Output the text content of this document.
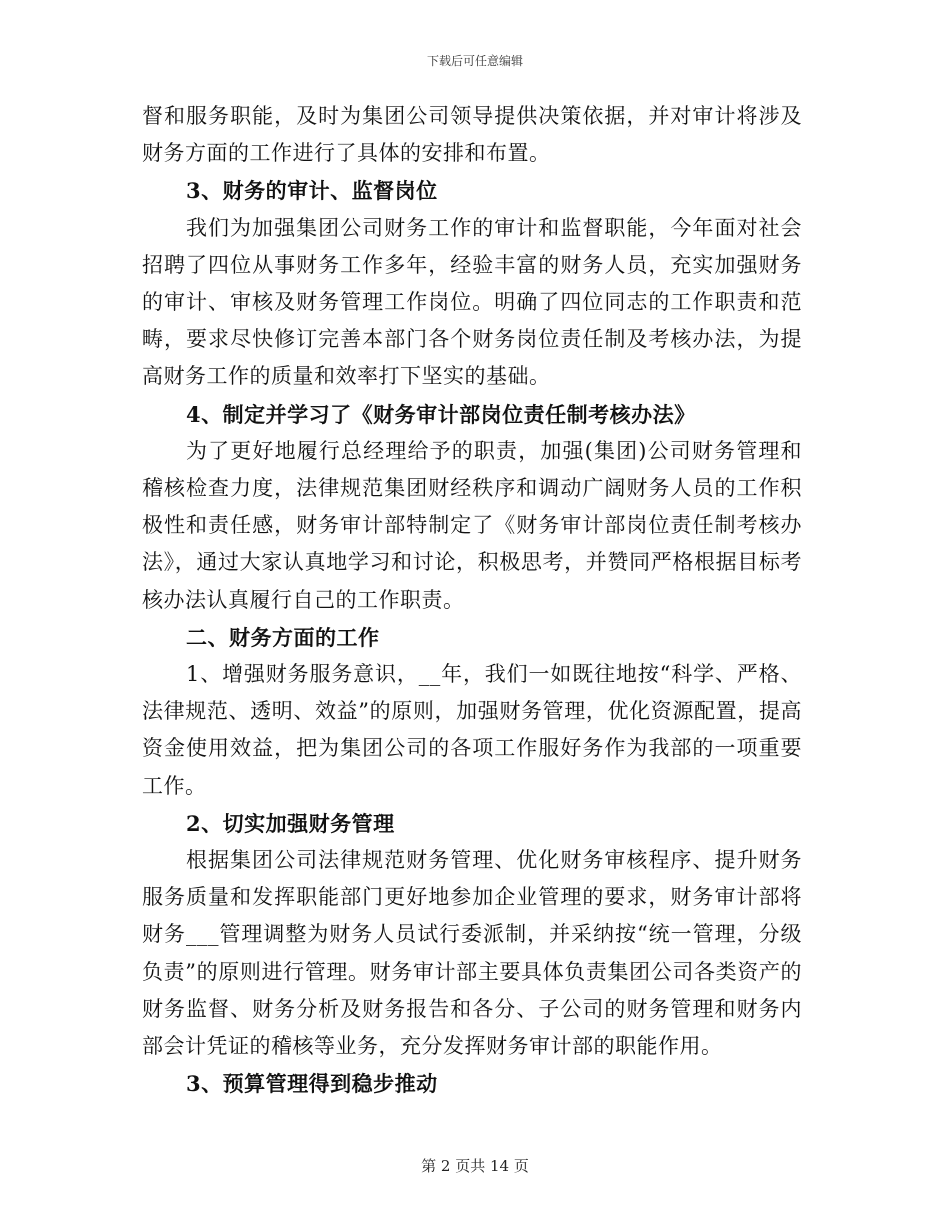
下载后可任意编辑

督和服务职能，及时为集团公司领导提供决策依据，并对审计将涉及财务方面的工作进行了具体的安排和布置。

3、财务的审计、监督岗位

我们为加强集团公司财务工作的审计和监督职能，今年面对社会招聘了四位从事财务工作多年，经验丰富的财务人员，充实加强财务的审计、审核及财务管理工作岗位。明确了四位同志的工作职责和范畴，要求尽快修订完善本部门各个财务岗位责任制及考核办法，为提高财务工作的质量和效率打下坚实的基础。

4、制定并学习了《财务审计部岗位责任制考核办法》

为了更好地履行总经理给予的职责，加强(集团)公司财务管理和稽核检查力度，法律规范集团财经秩序和调动广阔财务人员的工作积极性和责任感，财务审计部特制定了《财务审计部岗位责任制考核办法》，通过大家认真地学习和讨论，积极思考，并赞同严格根据目标考核办法认真履行自己的工作职责。

二、财务方面的工作

1、增强财务服务意识，__年，我们一如既往地按“科学、严格、法律规范、透明、效益”的原则，加强财务管理，优化资源配置，提高资金使用效益，把为集团公司的各项工作服好务作为我部的一项重要工作。

2、切实加强财务管理

根据集团公司法律规范财务管理、优化财务审核程序、提升财务服务质量和发挥职能部门更好地参加企业管理的要求，财务审计部将财务___管理调整为财务人员试行委派制，并采纳按“统一管理，分级负责”的原则进行管理。财务审计部主要具体负责集团公司各类资产的财务监督、财务分析及财务报告和各分、子公司的财务管理和财务内部会计凭证的稽核等业务，充分发挥财务审计部的职能作用。

3、预算管理得到稳步推动

第 2 页共 14 页
